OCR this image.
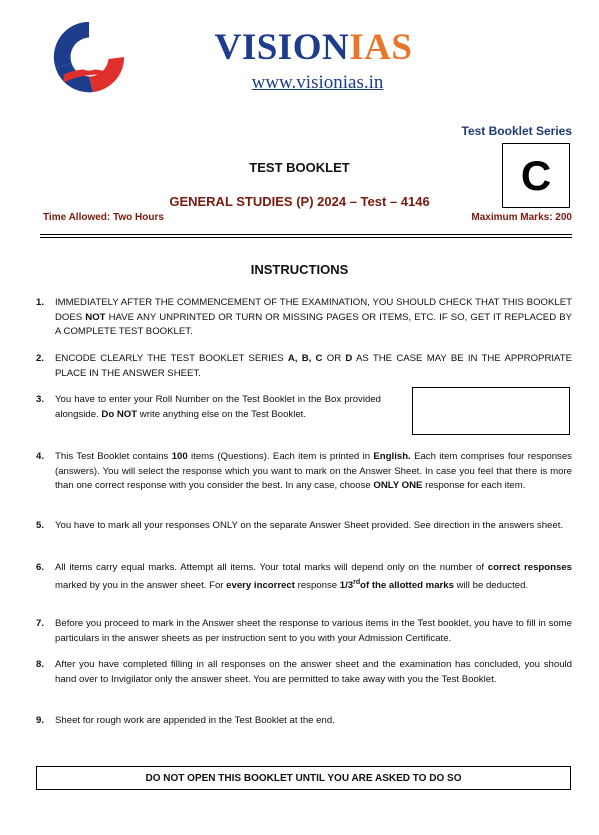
VISIONIAS
www.visionias.in
Test Booklet Series
C
TEST BOOKLET
GENERAL STUDIES (P) 2024 – Test – 4146
Time Allowed: Two Hours	Maximum Marks: 200
INSTRUCTIONS
1.	IMMEDIATELY AFTER THE COMMENCEMENT OF THE EXAMINATION, YOU SHOULD CHECK THAT THIS BOOKLET DOES NOT HAVE ANY UNPRINTED OR TURN OR MISSING PAGES OR ITEMS, ETC. IF SO, GET IT REPLACED BY A COMPLETE TEST BOOKLET.
2.	ENCODE CLEARLY THE TEST BOOKLET SERIES A, B, C OR D AS THE CASE MAY BE IN THE APPROPRIATE PLACE IN THE ANSWER SHEET.
3.	You have to enter your Roll Number on the Test Booklet in the Box provided alongside. Do NOT write anything else on the Test Booklet.
4.	This Test Booklet contains 100 items (Questions). Each item is printed in English. Each item comprises four responses (answers). You will select the response which you want to mark on the Answer Sheet. In case you feel that there is more than one correct response with you consider the best. In any case, choose ONLY ONE response for each item.
5.	You have to mark all your responses ONLY on the separate Answer Sheet provided. See direction in the answers sheet.
6.	All items carry equal marks. Attempt all items. Your total marks will depend only on the number of correct responses marked by you in the answer sheet. For every incorrect response 1/3rdof the allotted marks will be deducted.
7.	Before you proceed to mark in the Answer sheet the response to various items in the Test booklet, you have to fill in some particulars in the answer sheets as per instruction sent to you with your Admission Certificate.
8.	After you have completed filling in all responses on the answer sheet and the examination has concluded, you should hand over to Invigilator only the answer sheet. You are permitted to take away with you the Test Booklet.
9.	Sheet for rough work are appended in the Test Booklet at the end.
DO NOT OPEN THIS BOOKLET UNTIL YOU ARE ASKED TO DO SO
